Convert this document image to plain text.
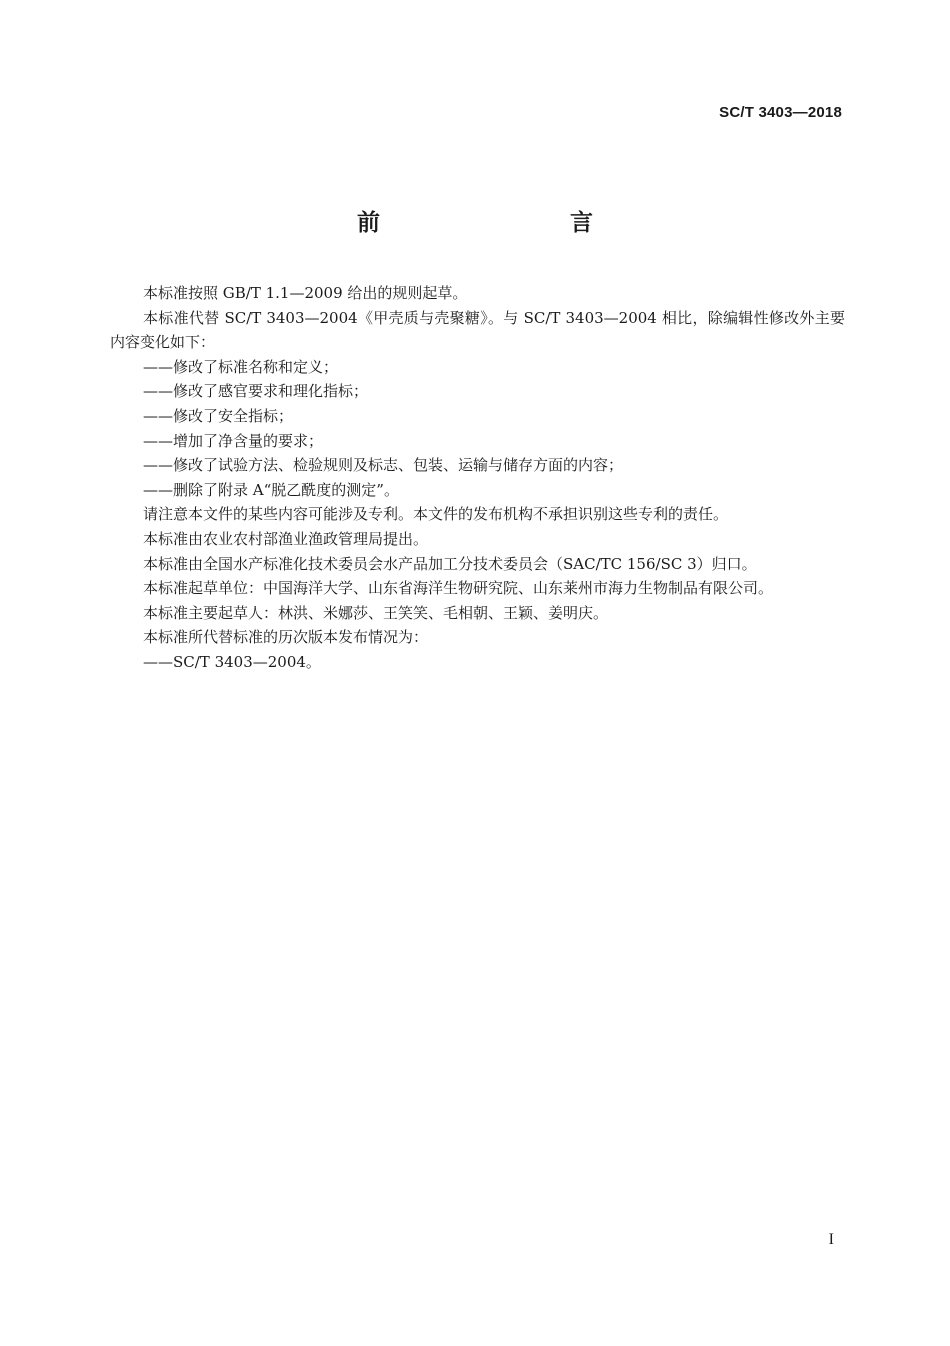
SC/T 3403—2018
前　　言

本标准按照 GB/T 1.1—2009 给出的规则起草。

本标准代替 SC/T 3403—2004《甲壳质与壳聚糖》。与 SC/T 3403—2004 相比，除编辑性修改外主要内容变化如下：

——修改了标准名称和定义；

——修改了感官要求和理化指标；

——修改了安全指标；

——增加了净含量的要求；

——修改了试验方法、检验规则及标志、包装、运输与储存方面的内容；

——删除了附录 A“脱乙酰度的测定”。

请注意本文件的某些内容可能涉及专利。本文件的发布机构不承担识别这些专利的责任。

本标准由农业农村部渔业渔政管理局提出。

本标准由全国水产标准化技术委员会水产品加工分技术委员会（SAC/TC 156/SC 3）归口。

本标准起草单位：中国海洋大学、山东省海洋生物研究院、山东莱州市海力生物制品有限公司。

本标准主要起草人：林洪、米娜莎、王笑笑、毛相朝、王颖、姜明庆。

本标准所代替标准的历次版本发布情况为：

——SC/T 3403—2004。

I
